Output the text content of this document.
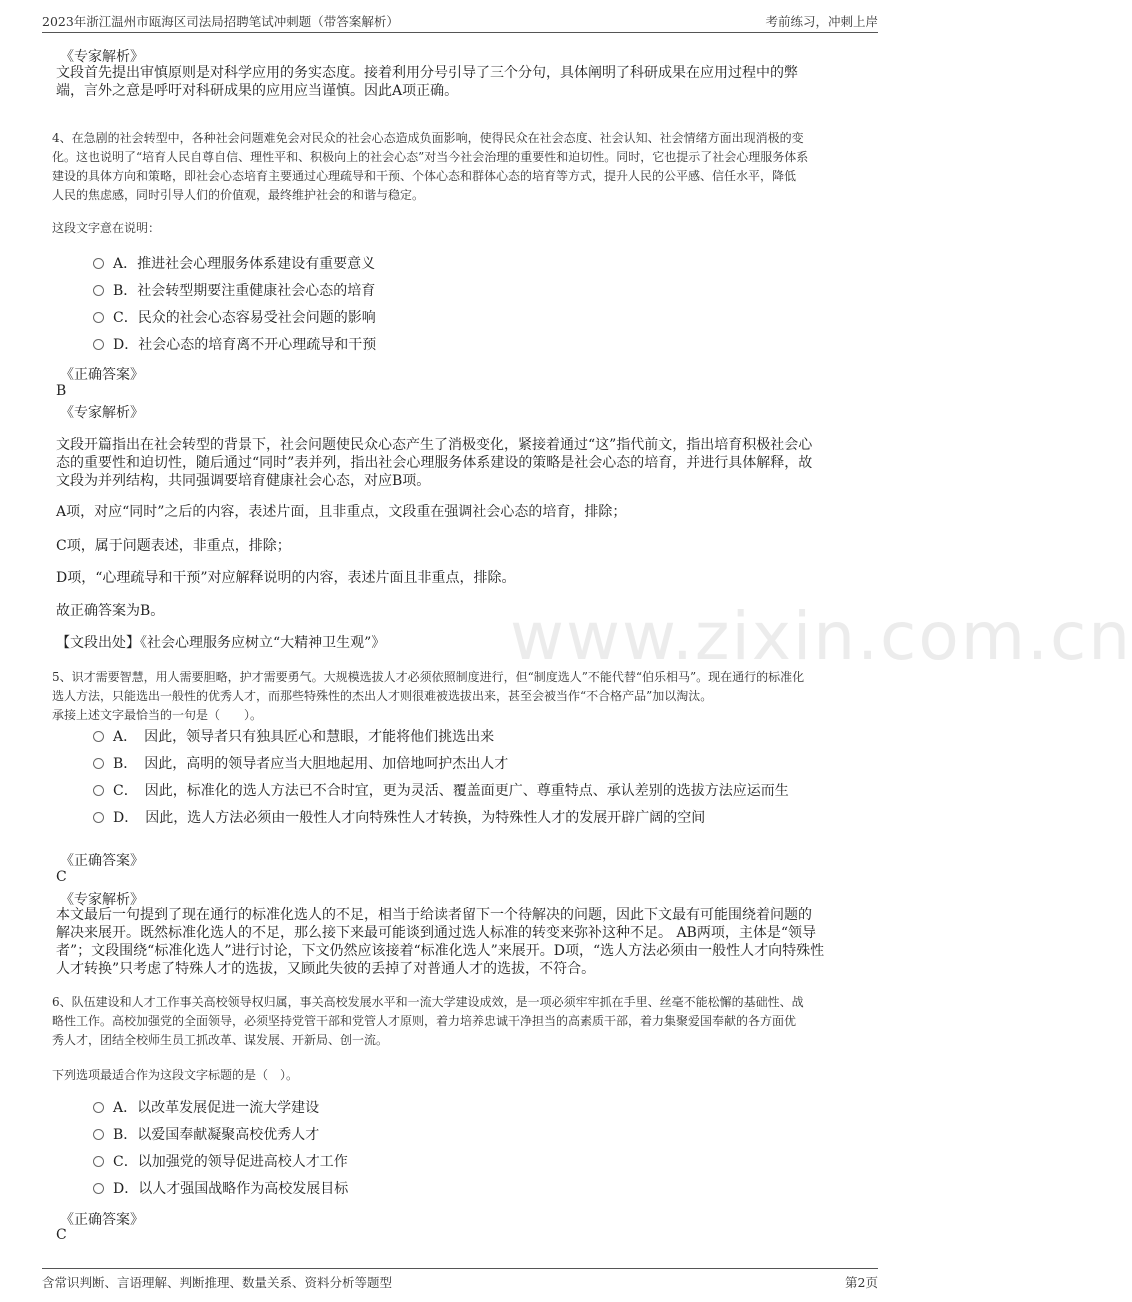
2023年浙江温州市瓯海区司法局招聘笔试冲刺题（带答案解析）	考前练习，冲刺上岸
www.zixin.com.cn
《专家解析》
文段首先提出审慎原则是对科学应用的务实态度。接着利用分号引导了三个分句，具体阐明了科研成果在应用过程中的弊
端，言外之意是呼吁对科研成果的应用应当谨慎。因此A项正确。
4、在急剧的社会转型中，各种社会问题难免会对民众的社会心态造成负面影响，使得民众在社会态度、社会认知、社会情绪方面出现消极的变
化。这也说明了“培育人民自尊自信、理性平和、积极向上的社会心态”对当今社会治理的重要性和迫切性。同时，它也提示了社会心理服务体系
建设的具体方向和策略，即社会心态培育主要通过心理疏导和干预、个体心态和群体心态的培育等方式，提升人民的公平感、信任水平，降低
人民的焦虑感，同时引导人们的价值观，最终维护社会的和谐与稳定。
这段文字意在说明：
A．推进社会心理服务体系建设有重要意义
B．社会转型期要注重健康社会心态的培育
C．民众的社会心态容易受社会问题的影响
D．社会心态的培育离不开心理疏导和干预
《正确答案》
B
《专家解析》
文段开篇指出在社会转型的背景下，社会问题使民众心态产生了消极变化，紧接着通过“这”指代前文，指出培育积极社会心
态的重要性和迫切性，随后通过“同时”表并列，指出社会心理服务体系建设的策略是社会心态的培育，并进行具体解释，故
文段为并列结构，共同强调要培育健康社会心态，对应B项。
A项，对应“同时”之后的内容，表述片面，且非重点，文段重在强调社会心态的培育，排除；
C项，属于问题表述，非重点，排除；
D项，“心理疏导和干预”对应解释说明的内容，表述片面且非重点，排除。
故正确答案为B。
【文段出处】《社会心理服务应树立“大精神卫生观”》
5、识才需要智慧，用人需要胆略，护才需要勇气。大规模选拔人才必须依照制度进行，但“制度选人”不能代替“伯乐相马”。现在通行的标准化
选人方法，只能选出一般性的优秀人才，而那些特殊性的杰出人才则很难被选拔出来，甚至会被当作“不合格产品”加以淘汰。
承接上述文字最恰当的一句是（　　）。
A．　因此，领导者只有独具匠心和慧眼，才能将他们挑选出来
B．　因此，高明的领导者应当大胆地起用、加倍地呵护杰出人才
C．　因此，标准化的选人方法已不合时宜，更为灵活、覆盖面更广、尊重特点、承认差别的选拔方法应运而生
D．　因此，选人方法必须由一般性人才向特殊性人才转换，为特殊性人才的发展开辟广阔的空间
《正确答案》
C
《专家解析》
本文最后一句提到了现在通行的标准化选人的不足，相当于给读者留下一个待解决的问题，因此下文最有可能围绕着问题的
解决来展开。既然标准化选人的不足，那么接下来最可能谈到通过选人标准的转变来弥补这种不足。 AB两项，主体是“领导
者”；文段围绕“标准化选人”进行讨论，下文仍然应该接着“标准化选人”来展开。D项，“选人方法必须由一般性人才向特殊性
人才转换”只考虑了特殊人才的选拔，又顾此失彼的丢掉了对普通人才的选拔，不符合。
6、队伍建设和人才工作事关高校领导权归属，事关高校发展水平和一流大学建设成效，是一项必须牢牢抓在手里、丝毫不能松懈的基础性、战
略性工作。高校加强党的全面领导，必须坚持党管干部和党管人才原则，着力培养忠诚干净担当的高素质干部，着力集聚爱国奉献的各方面优
秀人才，团结全校师生员工抓改革、谋发展、开新局、创一流。
下列选项最适合作为这段文字标题的是（　）。
A．以改革发展促进一流大学建设
B．以爱国奉献凝聚高校优秀人才
C．以加强党的领导促进高校人才工作
D．以人才强国战略作为高校发展目标
《正确答案》
C
含常识判断、言语理解、判断推理、数量关系、资料分析等题型	第2页
